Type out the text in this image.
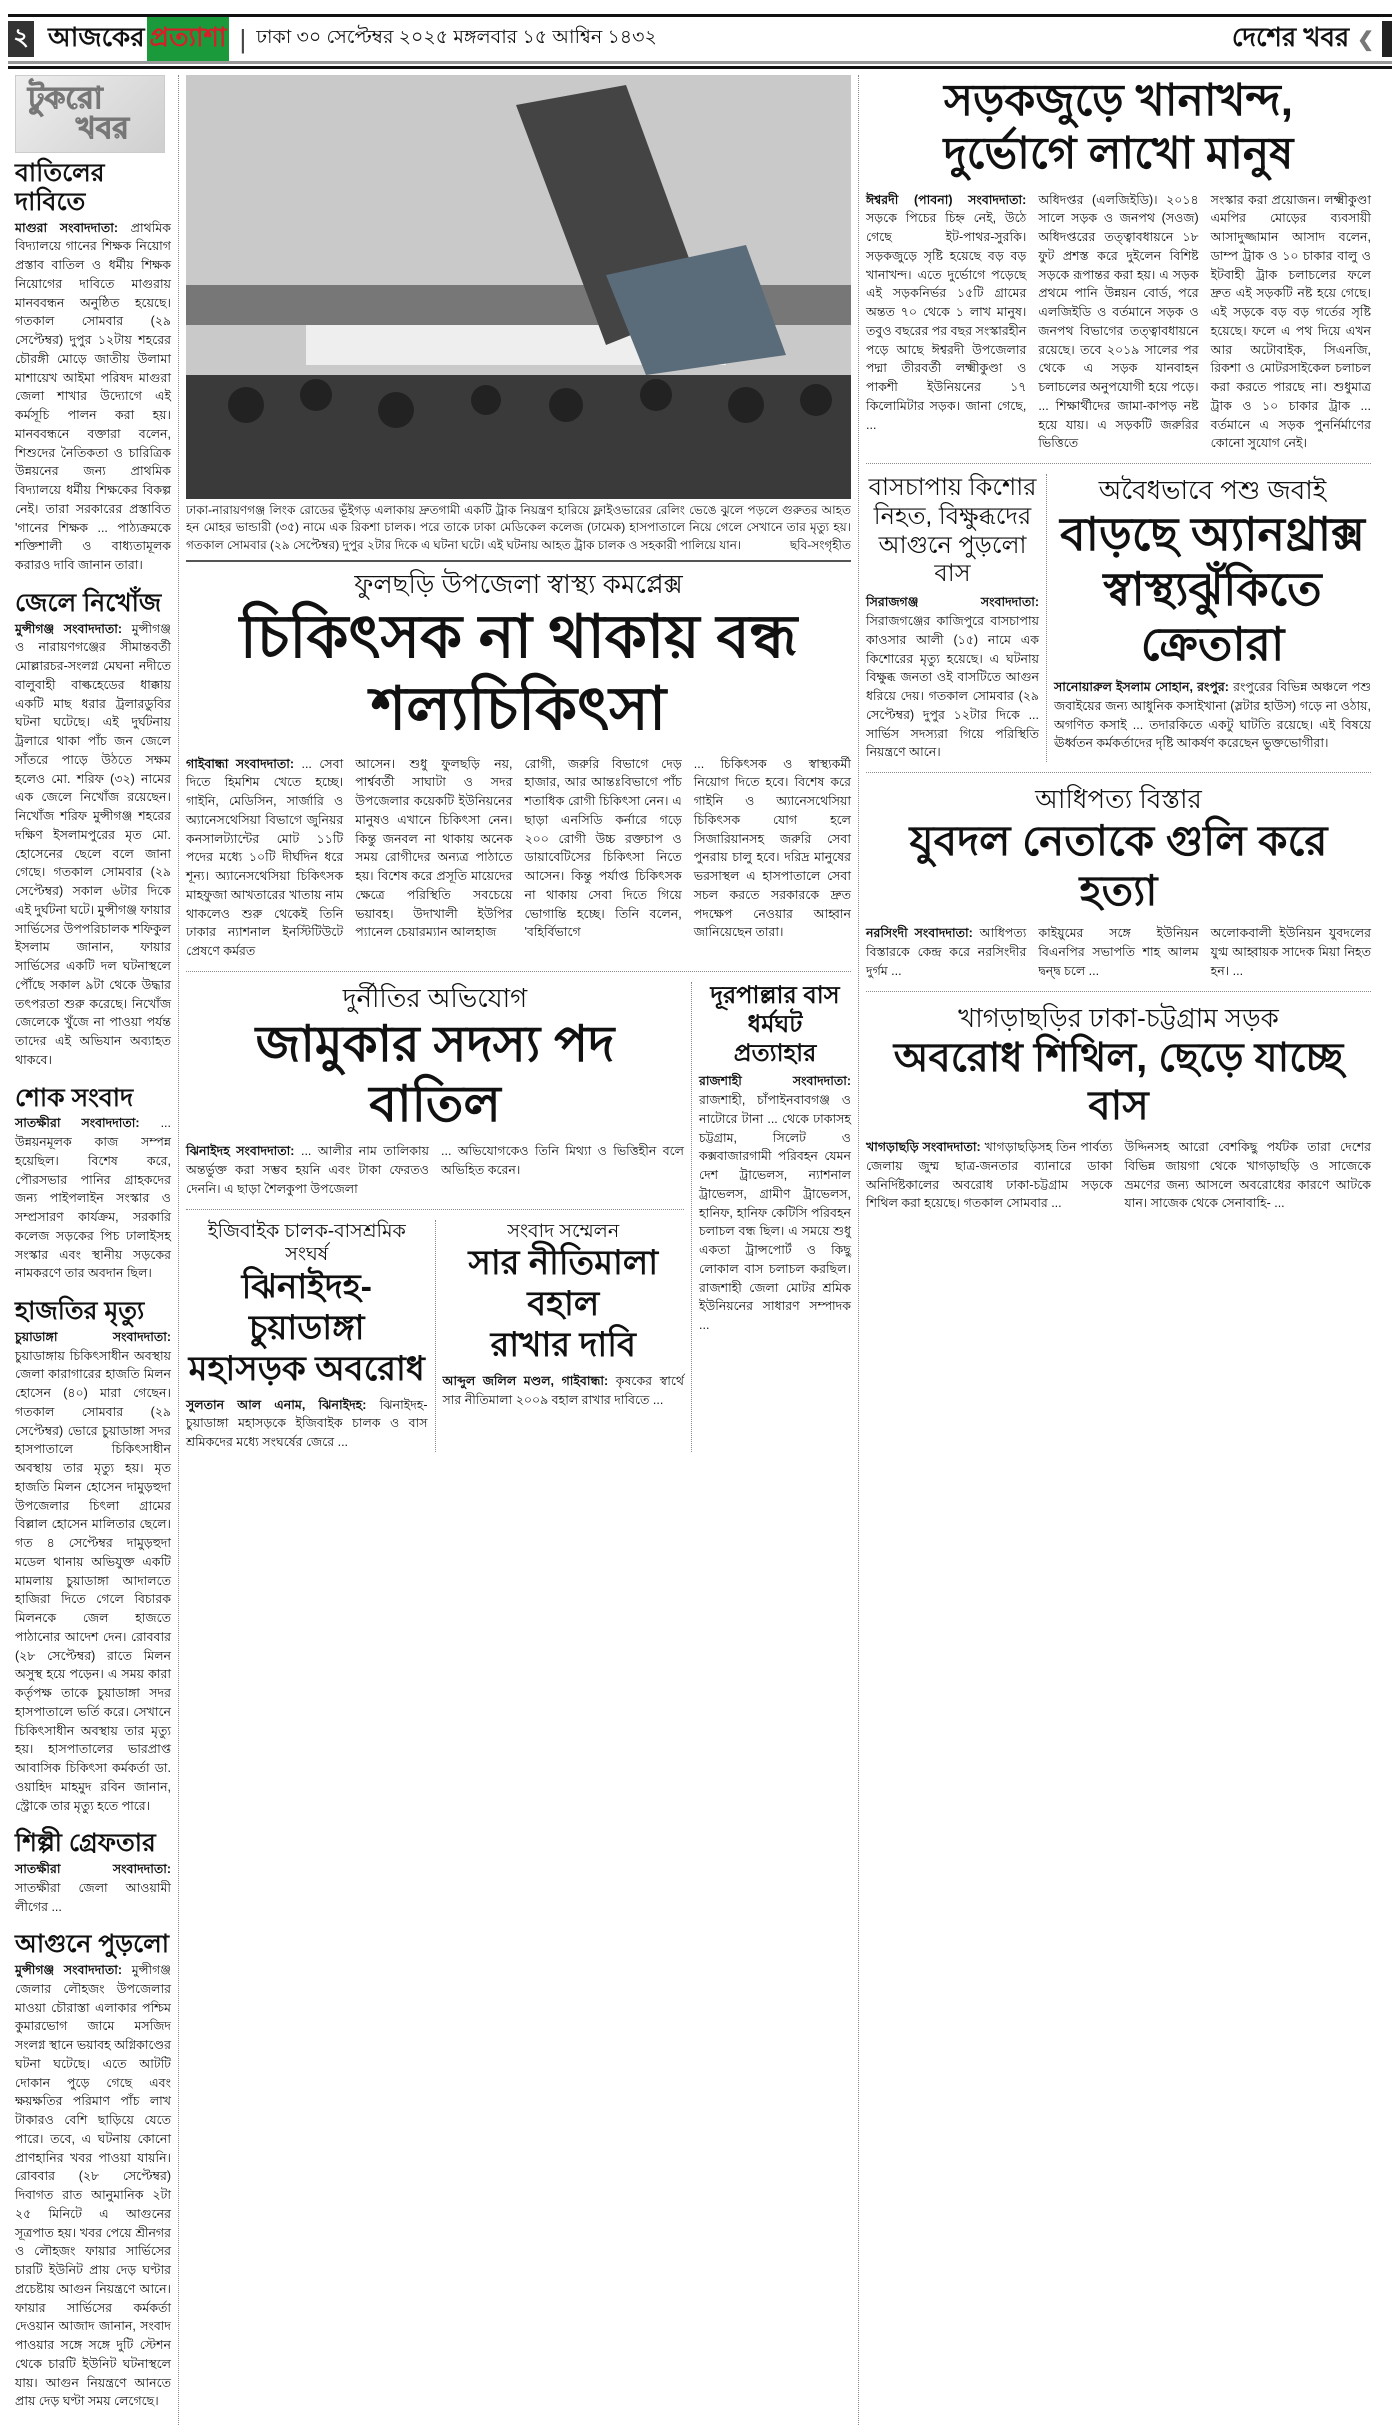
২ আজকের প্রত্যাশা | ঢাকা ৩০ সেপ্টেম্বর ২০২৫ মঙ্গলবার ১৫ আশ্বিন ১৪৩২	দেশের খবর ❮
টুকরো
খবর
বাতিলের দাবিতে

মাগুরা সংবাদদাতা: প্রাথমিক বিদ্যালয়ে গানের শিক্ষক নিয়োগ প্রস্তাব বাতিল ও ধর্মীয় শিক্ষক নিয়োগের দাবিতে মাগুরায় মানববন্ধন অনুষ্ঠিত হয়েছে। গতকাল সোমবার (২৯ সেপ্টেম্বর) দুপুর ১২টায় শহরের চৌরঙ্গী মোড়ে জাতীয় উলামা মাশায়েখ আইমা পরিষদ মাগুরা জেলা শাখার উদ্যোগে এই কর্মসূচি পালন করা হয়। মানববন্ধনে বক্তারা বলেন, শিশুদের নৈতিকতা ও চারিত্রিক উন্নয়নের জন্য প্রাথমিক বিদ্যালয়ে ধর্মীয় শিক্ষকের বিকল্প নেই। তারা সরকারের প্রস্তাবিত 'গানের শিক্ষক ... পাঠ্যক্রমকে শক্তিশালী ও বাধ্যতামূলক করারও দাবি জানান তারা।

জেলে নিখোঁজ

মুন্সীগঞ্জ সংবাদদাতা: মুন্সীগঞ্জ ও নারায়ণগঞ্জের সীমান্তবর্তী মোল্লারচর-সংলগ্ন মেঘনা নদীতে বালুবাহী বাল্কহেডের ধাক্কায় একটি মাছ ধরার ট্রলারডুবির ঘটনা ঘটেছে। এই দুর্ঘটনায় ট্রলারে থাকা পাঁচ জন জেলে সাঁতরে পাড়ে উঠতে সক্ষম হলেও মো. শরিফ (৩২) নামের এক জেলে নিখোঁজ রয়েছেন। নিখোঁজ শরিফ মুন্সীগঞ্জ শহরের দক্ষিণ ইসলামপুরের মৃত মো. হোসেনের ছেলে বলে জানা গেছে। গতকাল সোমবার (২৯ সেপ্টেম্বর) সকাল ৬টার দিকে এই দুর্ঘটনা ঘটে। মুন্সীগঞ্জ ফায়ার সার্ভিসের উপপরিচালক শফিকুল ইসলাম জানান, ফায়ার সার্ভিসের একটি দল ঘটনাস্থলে পৌঁছে সকাল ৯টা থেকে উদ্ধার তৎপরতা শুরু করেছে। নিখোঁজ জেলেকে খুঁজে না পাওয়া পর্যন্ত তাদের এই অভিযান অব্যাহত থাকবে।

শোক সংবাদ

সাতক্ষীরা সংবাদদাতা: ... উন্নয়নমূলক কাজ সম্পন্ন হয়েছিল। বিশেষ করে, পৌরসভার পানির গ্রাহকদের জন্য পাইপলাইন সংস্কার ও সম্প্রসারণ কার্যক্রম, সরকারি কলেজ সড়কের পিচ ঢালাইসহ সংস্কার এবং স্থানীয় সড়কের নামকরণে তার অবদান ছিল।

হাজতির মৃত্যু

চুয়াডাঙ্গা সংবাদদাতা: চুয়াডাঙ্গায় চিকিৎসাধীন অবস্থায় জেলা কারাগারের হাজতি মিলন হোসেন (৪০) মারা গেছেন। গতকাল সোমবার (২৯ সেপ্টেম্বর) ভোরে চুয়াডাঙ্গা সদর হাসপাতালে চিকিৎসাধীন অবস্থায় তার মৃত্যু হয়। মৃত হাজতি মিলন হোসেন দামুড়হুদা উপজেলার চিৎলা গ্রামের বিল্লাল হোসেন মালিতার ছেলে। গত ৪ সেপ্টেম্বর দামুড়হুদা মডেল থানায় অভিযুক্ত একটি মামলায় চুয়াডাঙ্গা আদালতে হাজিরা দিতে গেলে বিচারক মিলনকে জেল হাজতে পাঠানোর আদেশ দেন। রোববার (২৮ সেপ্টেম্বর) রাতে মিলন অসুস্থ হয়ে পড়েন। এ সময় কারা কর্তৃপক্ষ তাকে চুয়াডাঙ্গা সদর হাসপাতালে ভর্তি করে। সেখানে চিকিৎসাধীন অবস্থায় তার মৃত্যু হয়। হাসপাতালের ভারপ্রাপ্ত আবাসিক চিকিৎসা কর্মকর্তা ডা. ওয়াহিদ মাহমুদ রবিন জানান, স্ট্রোকে তার মৃত্যু হতে পারে।

শিল্পী গ্রেফতার

সাতক্ষীরা সংবাদদাতা: সাতক্ষীরা জেলা আওয়ামী লীগের ...

আগুনে পুড়লো

মুন্সীগঞ্জ সংবাদদাতা: মুন্সীগঞ্জ জেলার লৌহজং উপজেলার মাওয়া চৌরাস্তা এলাকার পশ্চিম কুমারভোগ জামে মসজিদ সংলগ্ন স্থানে ভয়াবহ অগ্নিকাণ্ডের ঘটনা ঘটেছে। এতে আটটি দোকান পুড়ে গেছে এবং ক্ষয়ক্ষতির পরিমাণ পাঁচ লাখ টাকারও বেশি ছাড়িয়ে যেতে পারে। তবে, এ ঘটনায় কোনো প্রাণহানির খবর পাওয়া যায়নি। রোববার (২৮ সেপ্টেম্বর) দিবাগত রাত আনুমানিক ২টা ২৫ মিনিটে এ আগুনের সূত্রপাত হয়। খবর পেয়ে শ্রীনগর ও লৌহজং ফায়ার সার্ভিসের চারটি ইউনিট প্রায় দেড় ঘণ্টার প্রচেষ্টায় আগুন নিয়ন্ত্রণে আনে। ফায়ার সার্ভিসের কর্মকর্তা দেওয়ান আজাদ জানান, সংবাদ পাওয়ার সঙ্গে সঙ্গে দুটি স্টেশন থেকে চারটি ইউনিট ঘটনাস্থলে যায়। আগুন নিয়ন্ত্রণে আনতে প্রায় দেড় ঘণ্টা সময় লেগেছে।

ঢাকা-নারায়ণগঞ্জ লিংক রোডের ভূঁইগড় এলাকায় দ্রুতগামী একটি ট্রাক নিয়ন্ত্রণ হারিয়ে ফ্লাইওভারের রেলিং ভেঙে ঝুলে পড়লে গুরুতর আহত হন মোহর ভান্ডারী (৩৫) নামে এক রিকশা চালক। পরে তাকে ঢাকা মেডিকেল কলেজ (ঢামেক) হাসপাতালে নিয়ে গেলে সেখানে তার মৃত্যু হয়। গতকাল সোমবার (২৯ সেপ্টেম্বর) দুপুর ২টার দিকে এ ঘটনা ঘটে। এই ঘটনায় আহত ট্রাক চালক ও সহকারী পালিয়ে যান।	ছবি-সংগৃহীত
ফুলছড়ি উপজেলা স্বাস্থ্য কমপ্লেক্স
চিকিৎসক না থাকায় বন্ধ
শল্যচিকিৎসা

গাইবান্ধা সংবাদদাতা: ... সেবা দিতে হিমশিম খেতে হচ্ছে। গাইনি, মেডিসিন, সার্জারি ও অ্যানেসথেসিয়া বিভাগে জুনিয়র কনসালট্যান্টের মোট ১১টি পদের মধ্যে ১০টি দীর্ঘদিন ধরে শূন্য। অ্যানেসথেসিয়া চিকিৎসক মাহফুজা আখতারের খাতায় নাম থাকলেও শুরু থেকেই তিনি ঢাকার ন্যাশনাল ইনস্টিটিউটে প্রেষণে কর্মরত

আসেন। শুধু ফুলছড়ি নয়, পার্শ্ববর্তী সাঘাটা ও সদর উপজেলার কয়েকটি ইউনিয়নের মানুষও এখানে চিকিৎসা নেন। কিন্তু জনবল না থাকায় অনেক সময় রোগীদের অন্যত্র পাঠাতে হয়। বিশেষ করে প্রসূতি মায়েদের ক্ষেত্রে পরিস্থিতি সবচেয়ে ভয়াবহ। উদাখালী ইউপির প্যানেল চেয়ারম্যান আলহাজ

রোগী, জরুরি বিভাগে দেড় হাজার, আর আন্তঃবিভাগে পাঁচ শতাধিক রোগী চিকিৎসা নেন। এ ছাড়া এনসিডি কর্নারে গড়ে ২০০ রোগী উচ্চ রক্তচাপ ও ডায়াবেটিসের চিকিৎসা নিতে আসেন। কিন্তু পর্যাপ্ত চিকিৎসক না থাকায় সেবা দিতে গিয়ে ভোগান্তি হচ্ছে। তিনি বলেন, 'বহির্বিভাগে

... চিকিৎসক ও স্বাস্থ্যকর্মী নিয়োগ দিতে হবে। বিশেষ করে গাইনি ও অ্যানেসথেসিয়া চিকিৎসক যোগ হলে সিজারিয়ানসহ জরুরি সেবা পুনরায় চালু হবে। দরিদ্র মানুষের ভরসাস্থল এ হাসপাতালে সেবা সচল করতে সরকারকে দ্রুত পদক্ষেপ নেওয়ার আহ্বান জানিয়েছেন তারা।

দুর্নীতির অভিযোগ
জামুকার সদস্য পদ বাতিল

ঝিনাইদহ সংবাদদাতা: ... আলীর নাম তালিকায় অন্তর্ভুক্ত করা সম্ভব হয়নি এবং টাকা ফেরতও দেননি। এ ছাড়া শৈলকুপা উপজেলা

... অভিযোগকেও তিনি মিথ্যা ও ভিত্তিহীন বলে অভিহিত করেন।

ইজিবাইক চালক-বাসশ্রমিক সংঘর্ষ
ঝিনাইদহ-চুয়াডাঙ্গা
মহাসড়ক অবরোধ

সুলতান আল এনাম, ঝিনাইদহ: ঝিনাইদহ-চুয়াডাঙ্গা মহাসড়কে ইজিবাইক চালক ও বাস শ্রমিকদের মধ্যে সংঘর্ষের জেরে ...

সংবাদ সম্মেলন
সার নীতিমালা বহাল
রাখার দাবি

আব্দুল জলিল মণ্ডল, গাইবান্ধা: কৃষকের স্বার্থে সার নীতিমালা ২০০৯ বহাল রাখার দাবিতে ...

দূরপাল্লার বাস
ধর্মঘট
প্রত্যাহার

রাজশাহী সংবাদদাতা: রাজশাহী, চাঁপাইনবাবগঞ্জ ও নাটোরে টানা ... থেকে ঢাকাসহ চট্টগ্রাম, সিলেট ও কক্সবাজারগামী পরিবহন যেমন দেশ ট্রাভেলস, ন্যাশনাল ট্রাভেলস, গ্রামীণ ট্রাভেলস, হানিফ, হানিফ কেটিসি পরিবহন চলাচল বন্ধ ছিল। এ সময়ে শুধু একতা ট্রান্সপোর্ট ও কিছু লোকাল বাস চলাচল করছিল। রাজশাহী জেলা মোটর শ্রমিক ইউনিয়নের সাধারণ সম্পাদক ...

সড়কজুড়ে খানাখন্দ,
দুর্ভোগে লাখো মানুষ

ঈশ্বরদী (পাবনা) সংবাদদাতা: সড়কে পিচের চিহ্ন নেই, উঠে গেছে ইট-পাথর-সুরকি। সড়কজুড়ে সৃষ্টি হয়েছে বড় বড় খানাখন্দ। এতে দুর্ভোগে পড়েছে এই সড়কনির্ভর ১৫টি গ্রামের অন্তত ৭০ থেকে ১ লাখ মানুষ। তবুও বছরের পর বছর সংস্কারহীন পড়ে আছে ঈশ্বরদী উপজেলার পদ্মা তীরবর্তী লক্ষ্মীকুণ্ডা ও পাকশী ইউনিয়নের ১৭ কিলোমিটার সড়ক। জানা গেছে, ...

অধিদপ্তর (এলজিইডি)। ২০১৪ সালে সড়ক ও জনপথ (সওজ) অধিদপ্তরের তত্ত্বাবধায়নে ১৮ ফুট প্রশস্ত করে দুইলেন বিশিষ্ট সড়কে রূপান্তর করা হয়। এ সড়ক প্রথমে পানি উন্নয়ন বোর্ড, পরে এলজিইডি ও বর্তমানে সড়ক ও জনপথ বিভাগের তত্ত্বাবধায়নে রয়েছে। তবে ২০১৯ সালের পর থেকে এ সড়ক যানবাহন চলাচলের অনুপযোগী হয়ে পড়ে। ... শিক্ষার্থীদের জামা-কাপড় নষ্ট হয়ে যায়। এ সড়কটি জরুরির ভিত্তিতে

সংস্কার করা প্রয়োজন। লক্ষ্মীকুণ্ডা এমপির মোড়ের ব্যবসায়ী আসাদুজ্জামান আসাদ বলেন, ডাম্প ট্রাক ও ১০ চাকার বালু ও ইটবাহী ট্রাক চলাচলের ফলে দ্রুত এই সড়কটি নষ্ট হয়ে গেছে। এই সড়কে বড় বড় গর্তের সৃষ্টি হয়েছে। ফলে এ পথ দিয়ে এখন আর অটোবাইক, সিএনজি, রিকশা ও মোটরসাইকেল চলাচল করা করতে পারছে না। শুধুমাত্র ট্রাক ও ১০ চাকার ট্রাক ... বর্তমানে এ সড়ক পুনর্নির্মাণের কোনো সুযোগ নেই।

বাসচাপায় কিশোর
নিহত, বিক্ষুব্ধদের
আগুনে পুড়লো
বাস

সিরাজগঞ্জ সংবাদদাতা: সিরাজগঞ্জের কাজিপুরে বাসচাপায় কাওসার আলী (১৫) নামে এক কিশোরের মৃত্যু হয়েছে। এ ঘটনায় বিক্ষুব্ধ জনতা ওই বাসটিতে আগুন ধরিয়ে দেয়। গতকাল সোমবার (২৯ সেপ্টেম্বর) দুপুর ১২টার দিকে ... সার্ভিস সদস্যরা গিয়ে পরিস্থিতি নিয়ন্ত্রণে আনে।

অবৈধভাবে পশু জবাই
বাড়ছে অ্যানথ্রাক্স
স্বাস্থ্যঝুঁকিতে
ক্রেতারা

সানোয়ারুল ইসলাম সোহান, রংপুর: রংপুরের বিভিন্ন অঞ্চলে পশু জবাইয়ের জন্য আধুনিক কসাইখানা (স্লটার হাউস) গড়ে না ওঠায়, অগণিত কসাই ... তদারকিতে একটু ঘাটতি রয়েছে। এই বিষয়ে ঊর্ধ্বতন কর্মকর্তাদের দৃষ্টি আকর্ষণ করেছেন ভুক্তভোগীরা।

আধিপত্য বিস্তার
যুবদল নেতাকে গুলি করে হত্যা

নরসিংদী সংবাদদাতা: আধিপত্য বিস্তারকে কেন্দ্র করে নরসিংদীর দুর্গম ...

কাইয়ুমের সঙ্গে ইউনিয়ন বিএনপির সভাপতি শাহ আলম দ্বন্দ্ব চলে ...

অলোকবালী ইউনিয়ন যুবদলের যুগ্ম আহ্বায়ক সাদেক মিয়া নিহত হন। ...

খাগড়াছড়ির ঢাকা-চট্টগ্রাম সড়ক
অবরোধ শিথিল, ছেড়ে যাচ্ছে বাস

খাগড়াছড়ি সংবাদদাতা: খাগড়াছড়িসহ তিন পার্বত্য জেলায় জুম্ম ছাত্র-জনতার ব্যানারে ডাকা অনির্দিষ্টকালের অবরোধ ঢাকা-চট্টগ্রাম সড়কে শিথিল করা হয়েছে। গতকাল সোমবার ...

উদ্দিনসহ আরো বেশকিছু পর্যটক তারা দেশের বিভিন্ন জায়গা থেকে খাগড়াছড়ি ও সাজেকে ভ্রমণের জন্য আসলে অবরোধের কারণে আটকে যান। সাজেক থেকে সেনাবাহি- ...
